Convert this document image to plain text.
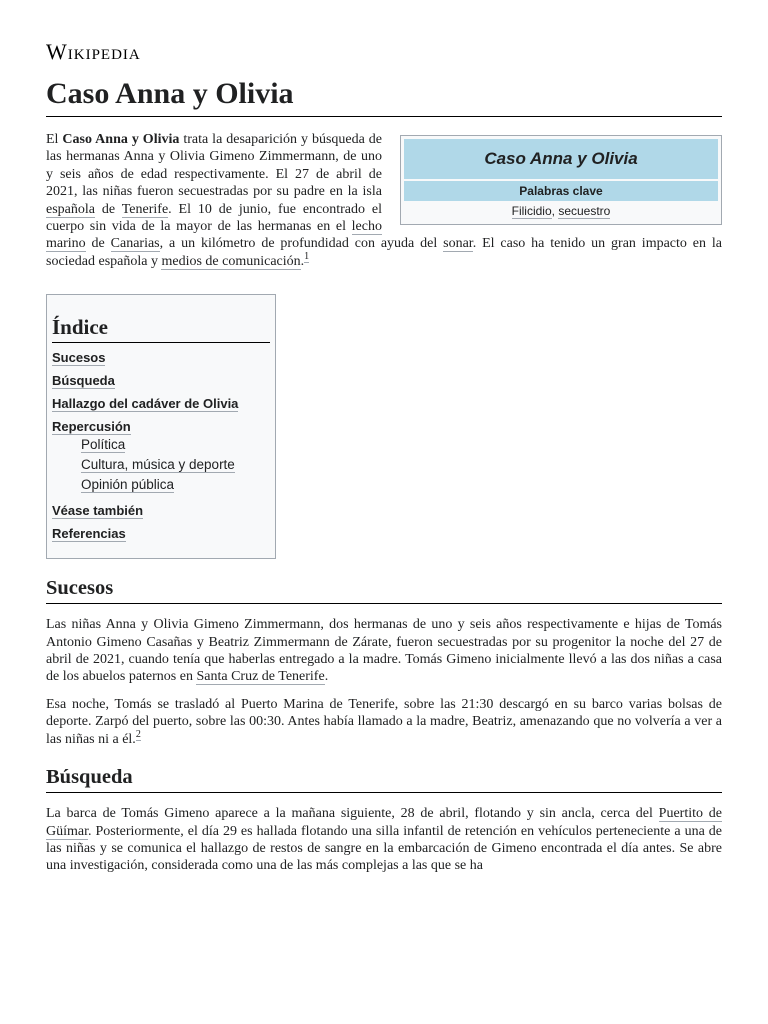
Wikipedia
Caso Anna y Olivia
Caso Anna y Olivia
Palabras clave
Filicidio, secuestro

El Caso Anna y Olivia trata la desaparición y búsqueda de las hermanas Anna y Olivia Gimeno Zimmermann, de uno y seis años de edad respectivamente. El 27 de abril de 2021, las niñas fueron secuestradas por su padre en la isla española de Tenerife. El 10 de junio, fue encontrado el cuerpo sin vida de la mayor de las hermanas en el lecho marino de Canarias, a un kilómetro de profundidad con ayuda del sonar. El caso ha tenido un gran impacto en la sociedad española y medios de comunicación.$^1$

Índice
Sucesos
Búsqueda
Hallazgo del cadáver de Olivia
Repercusión
Política
Cultura, música y deporte
Opinión pública
Véase también
Referencias
Sucesos

Las niñas Anna y Olivia Gimeno Zimmermann, dos hermanas de uno y seis años respectivamente e hijas de Tomás Antonio Gimeno Casañas y Beatriz Zimmermann de Zárate, fueron secuestradas por su progenitor la noche del 27 de abril de 2021, cuando tenía que haberlas entregado a la madre. Tomás Gimeno inicialmente llevó a las dos niñas a casa de los abuelos paternos en Santa Cruz de Tenerife.

Esa noche, Tomás se trasladó al Puerto Marina de Tenerife, sobre las 21:30 descargó en su barco varias bolsas de deporte. Zarpó del puerto, sobre las 00:30. Antes había llamado a la madre, Beatriz, amenazando que no volvería a ver a las niñas ni a él.$^2$

Búsqueda

La barca de Tomás Gimeno aparece a la mañana siguiente, 28 de abril, flotando y sin ancla, cerca del Puertito de Güímar. Posteriormente, el día 29 es hallada flotando una silla infantil de retención en vehículos perteneciente a una de las niñas y se comunica el hallazgo de restos de sangre en la embarcación de Gimeno encontrada el día antes. Se abre una investigación, considerada como una de las más complejas a las que se ha
